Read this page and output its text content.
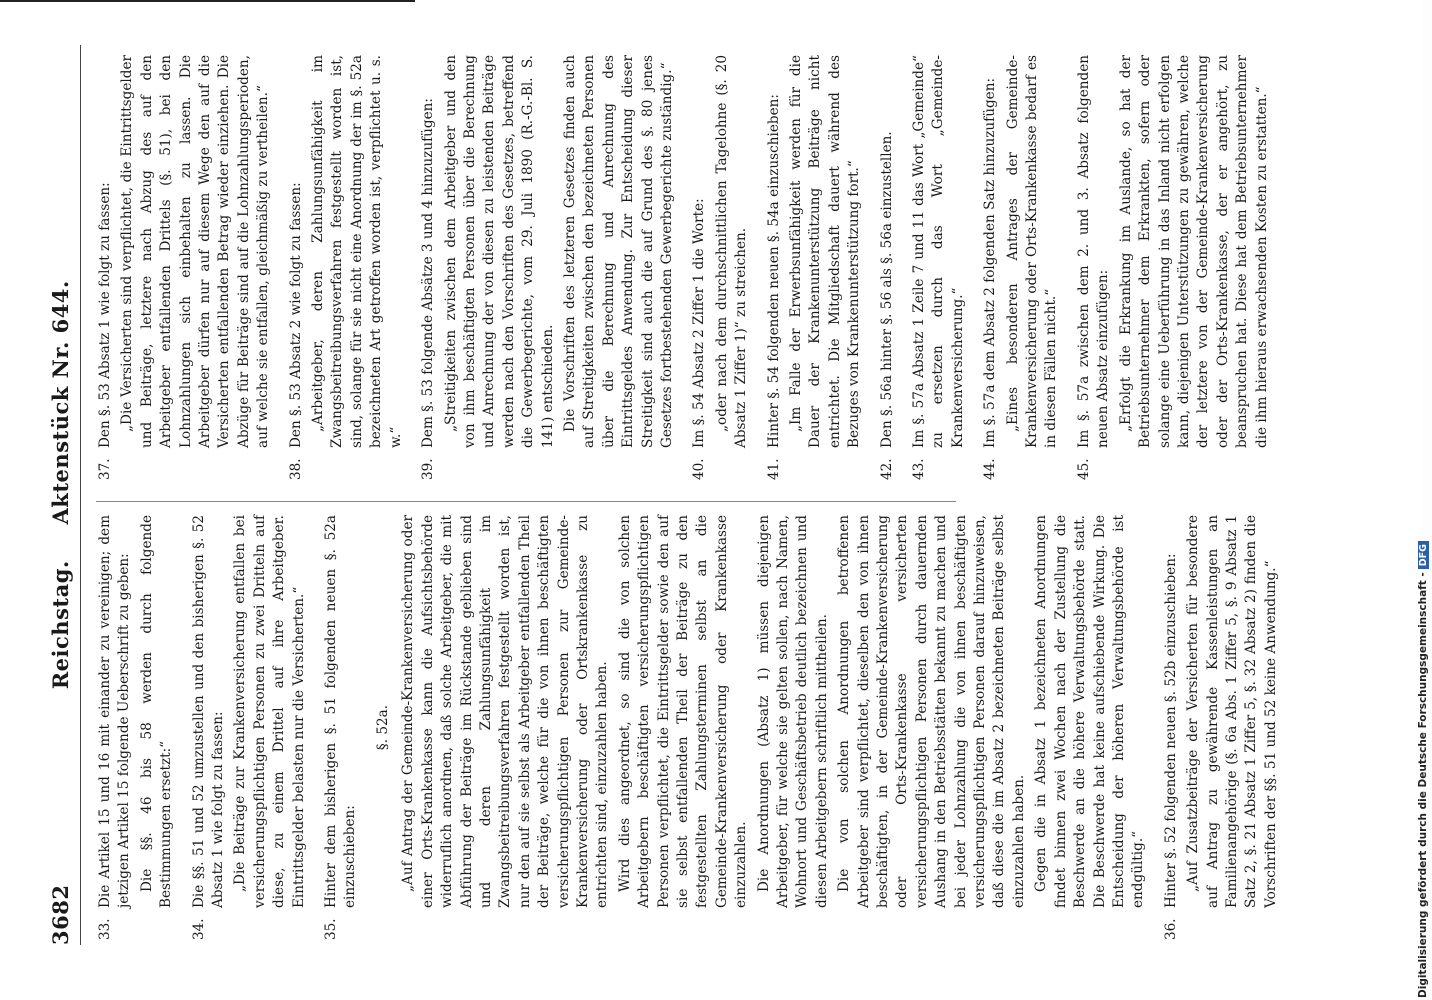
3682
Reichstag. Aktenstück Nr. 644.
33.

Die Artikel 15 und 16 mit einander zu vereinigen; dem jetzigen Artikel 15 folgende Ueberschrift zu geben: Die §§. 46 bis 58 werden durch folgende Bestimmungen ersetzt:“

34.

Die §§. 51 und 52 umzustellen und den bisherigen §. 52 Absatz 1 wie folgt zu fassen: „Die Beiträge zur Krankenversicherung entfallen bei versicherungspflichtigen Personen zu zwei Dritteln auf diese, zu einem Drittel auf ihre Arbeitgeber. Eintrittsgelder belasten nur die Versicherten.“

35.

Hinter dem bisherigen §. 51 folgenden neuen §. 52a einzuschieben:

§. 52a. „Auf Antrag der Gemeinde-Krankenversicherung oder einer Orts-Krankenkasse kann die Aufsichtsbehörde widerruflich anordnen, daß solche Arbeitgeber, die mit Abführung der Beiträge im Rückstande geblieben sind und deren Zahlungsunfähigkeit im Zwangsbeitreibungsverfahren festgestellt worden ist, nur den auf sie selbst als Arbeitgeber entfallenden Theil der Beiträge, welche für die von ihnen beschäftigten versicherungspflichtigen Personen zur Gemeinde-Krankenversicherung oder Ortskrankenkasse zu entrichten sind, einzuzahlen haben. Wird dies angeordnet, so sind die von solchen Arbeitgebern beschäftigten versicherungspflichtigen Personen verpflichtet, die Eintrittsgelder sowie den auf sie selbst entfallenden Theil der Beiträge zu den festgestellten Zahlungsterminen selbst an die Gemeinde-Krankenversicherung oder Krankenkasse einzuzahlen. Die Anordnungen (Absatz 1) müssen diejenigen Arbeitgeber, für welche sie gelten sollen, nach Namen, Wohnort und Geschäftsbetrieb deutlich bezeichnen und diesen Arbeitgebern schriftlich mittheilen. Die von solchen Anordnungen betroffenen Arbeitgeber sind verpflichtet, dieselben den von ihnen beschäftigten, in der Gemeinde-Krankenversicherung oder Orts-Krankenkasse versicherten versicherungspflichtigen Personen durch dauernden Aushang in den Betriebsstätten bekannt zu machen und bei jeder Lohnzahlung die von ihnen beschäftigten versicherungspflichtigen Personen darauf hinzuweisen, daß diese die im Absatz 2 bezeichneten Beiträge selbst einzuzahlen haben. Gegen die in Absatz 1 bezeichneten Anordnungen findet binnen zwei Wochen nach der Zustellung die Beschwerde an die höhere Verwaltungsbehörde statt. Die Beschwerde hat keine aufschiebende Wirkung. Die Entscheidung der höheren Verwaltungsbehörde ist endgültig.“

36.

Hinter §. 52 folgenden neuen §. 52b einzuschieben: „Auf Zusatzbeiträge der Versicherten für besondere auf Antrag zu gewährende Kassenleistungen an Familienangehörige (§. 6a Abs. 1 Ziffer 5, §. 9 Absatz 1 Satz 2, §. 21 Absatz 1 Ziffer 5, §. 32 Absatz 2) finden die Vorschriften der §§. 51 und 52 keine Anwendung.“

37.

Den §. 53 Absatz 1 wie folgt zu fassen: „Die Versicherten sind verpflichtet, die Eintrittsgelder und Beiträge, letztere nach Abzug des auf den Arbeitgeber entfallenden Drittels (§. 51), bei den Lohnzahlungen sich einbehalten zu lassen. Die Arbeitgeber dürfen nur auf diesem Wege den auf die Versicherten entfallenden Betrag wieder einziehen. Die Abzüge für Beiträge sind auf die Lohnzahlungsperioden, auf welche sie entfallen, gleichmäßig zu vertheilen.“

38.

Den §. 53 Absatz 2 wie folgt zu fassen: „Arbeitgeber, deren Zahlungsunfähigkeit im Zwangsbeitreibungsverfahren festgestellt worden ist, sind, solange für sie nicht eine Anordnung der im §. 52a bezeichneten Art getroffen worden ist, verpflichtet u. s. w.“

39.

Dem §. 53 folgende Absätze 3 und 4 hinzuzufügen: „Streitigkeiten zwischen dem Arbeitgeber und den von ihm beschäftigten Personen über die Berechnung und Anrechnung der von diesen zu leistenden Beiträge werden nach den Vorschriften des Gesetzes, betreffend die Gewerbegerichte, vom 29. Juli 1890 (R.-G.-Bl. S. 141) entschieden. Die Vorschriften des letzteren Gesetzes finden auch auf Streitigkeiten zwischen den bezeichneten Personen über die Berechnung und Anrechnung des Eintrittsgeldes Anwendung. Zur Entscheidung dieser Streitigkeit sind auch die auf Grund des §. 80 jenes Gesetzes fortbestehenden Gewerbegerichte zuständig.“

40.

Im §. 54 Absatz 2 Ziffer 1 die Worte: „oder nach dem durchschnittlichen Tagelohne (§. 20 Absatz 1 Ziffer 1)“ zu streichen.

41.

Hinter §. 54 folgenden neuen §. 54a einzuschieben: „Im Falle der Erwerbsunfähigkeit werden für die Dauer der Krankenunterstützung Beiträge nicht entrichtet. Die Mitgliedschaft dauert während des Bezuges von Krankenunterstützung fort.“

42.

Den §. 56a hinter §. 56 als §. 56a einzustellen.

43.

Im §. 57a Absatz 1 Zeile 7 und 11 das Wort „Gemeinde“ zu ersetzen durch das Wort „Gemeinde-Krankenversicherung.“

44.

Im §. 57a dem Absatz 2 folgenden Satz hinzuzufügen: „Eines besonderen Antrages der Gemeinde-Krankenversicherung oder Orts-Krankenkasse bedarf es in diesen Fällen nicht.“

45.

Im §. 57a zwischen dem 2. und 3. Absatz folgenden neuen Absatz einzufügen: „Erfolgt die Erkrankung im Auslande, so hat der Betriebsunternehmer dem Erkrankten, sofern oder solange eine Ueberführung in das Inland nicht erfolgen kann, diejenigen Unterstützungen zu gewähren, welche der letztere von der Gemeinde-Krankenversicherung oder der Orts-Krankenkasse, der er angehört, zu beanspruchen hat. Diese hat dem Betriebsunternehmer die ihm hieraus erwachsenden Kosten zu erstatten.“

Digitalisierung gefördert durch die Deutsche Forschungsgemeinschaft -DFG
